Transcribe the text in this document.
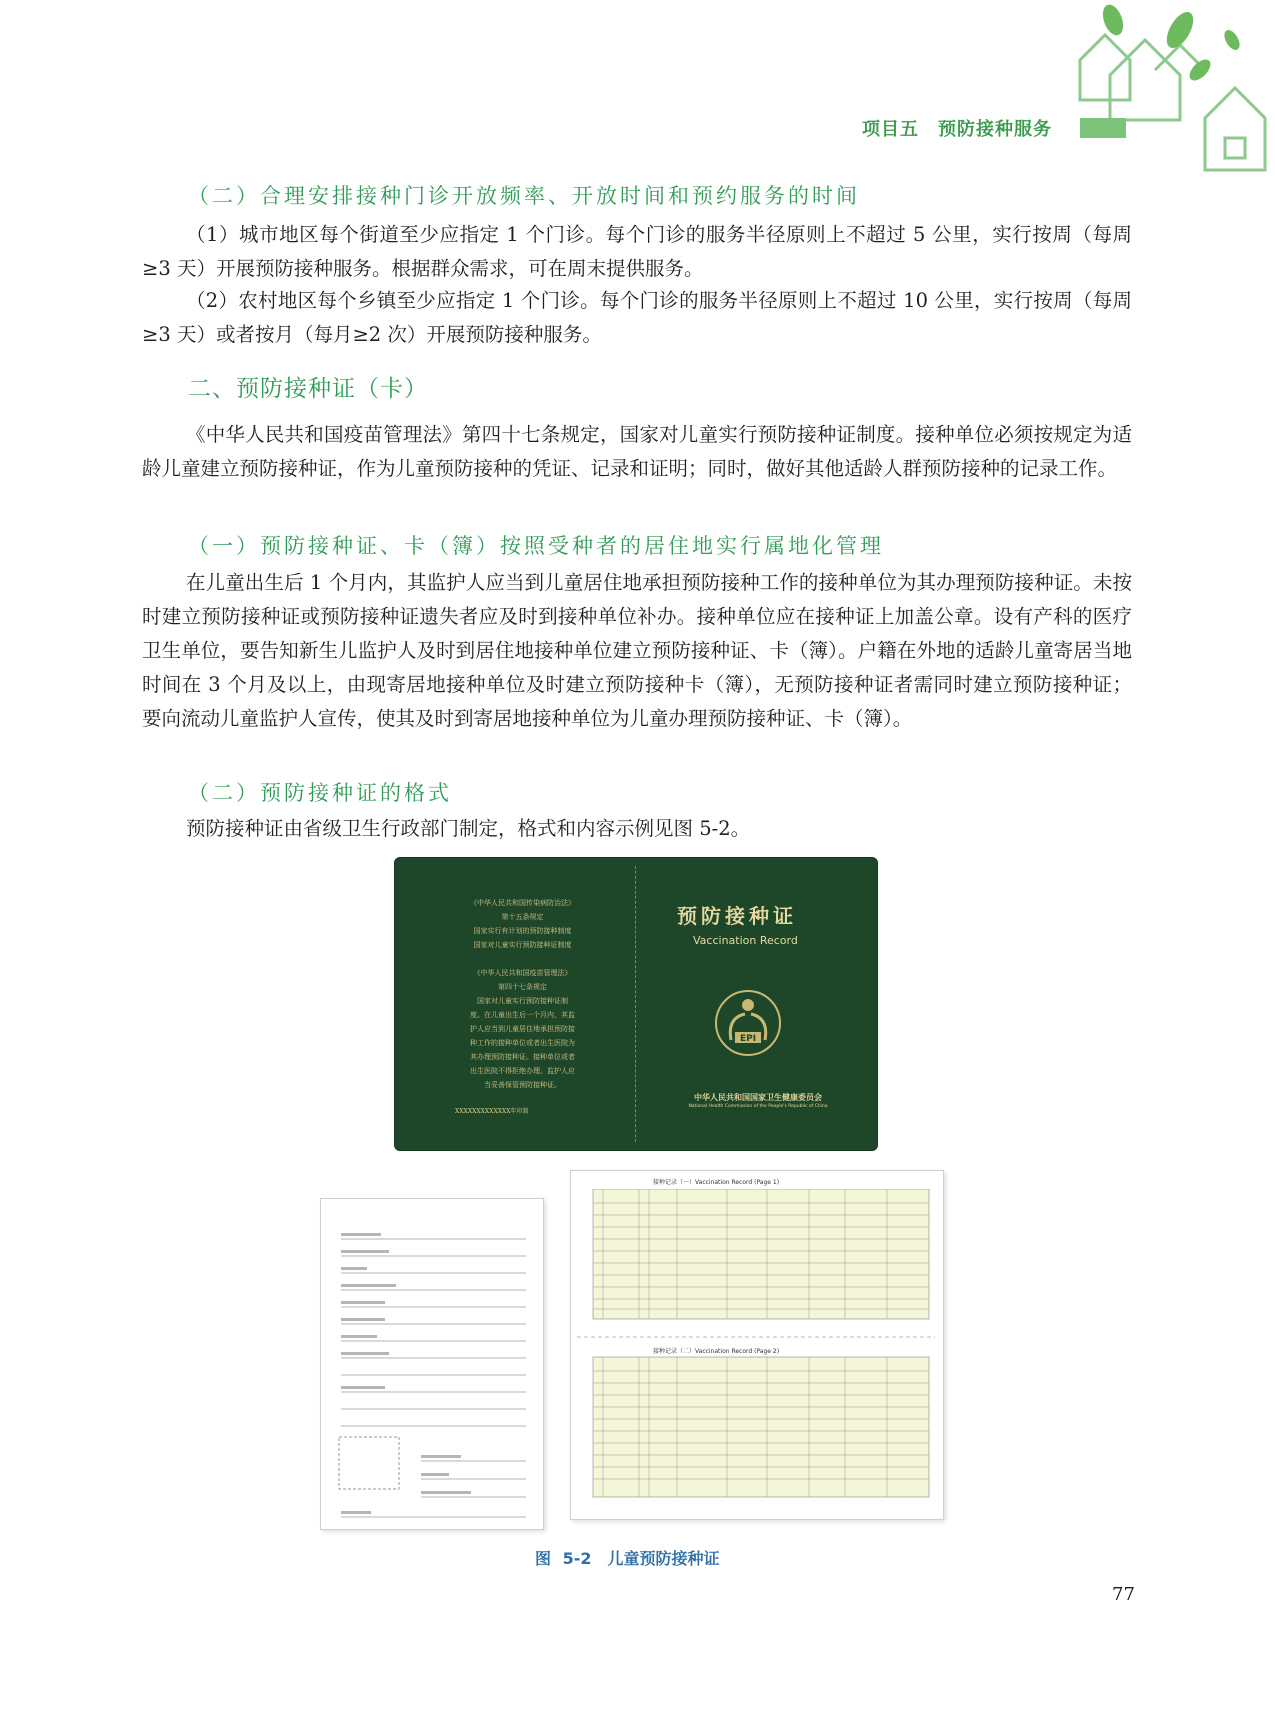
项目五　预防接种服务
（二）合理安排接种门诊开放频率、开放时间和预约服务的时间
（1）城市地区每个街道至少应指定 1 个门诊。每个门诊的服务半径原则上不超过 5 公里，实行按周（每周≥3 天）开展预防接种服务。根据群众需求，可在周末提供服务。
（2）农村地区每个乡镇至少应指定 1 个门诊。每个门诊的服务半径原则上不超过 10 公里，实行按周（每周≥3 天）或者按月（每月≥2 次）开展预防接种服务。
二、预防接种证（卡）
《中华人民共和国疫苗管理法》第四十七条规定，国家对儿童实行预防接种证制度。接种单位必须按规定为适龄儿童建立预防接种证，作为儿童预防接种的凭证、记录和证明；同时，做好其他适龄人群预防接种的记录工作。
（一）预防接种证、卡（簿）按照受种者的居住地实行属地化管理
在儿童出生后 1 个月内，其监护人应当到儿童居住地承担预防接种工作的接种单位为其办理预防接种证。未按时建立预防接种证或预防接种证遗失者应及时到接种单位补办。接种单位应在接种证上加盖公章。设有产科的医疗卫生单位，要告知新生儿监护人及时到居住地接种单位建立预防接种证、卡（簿）。户籍在外地的适龄儿童寄居当地时间在 3 个月及以上，由现寄居地接种单位及时建立预防接种卡（簿），无预防接种证者需同时建立预防接种证；要向流动儿童监护人宣传，使其及时到寄居地接种单位为儿童办理预防接种证、卡（簿）。
（二）预防接种证的格式
预防接种证由省级卫生行政部门制定，格式和内容示例见图 5-2。
《中华人民共和国传染病防治法》
第十五条规定
国家实行有计划的预防接种制度
国家对儿童实行预防接种证制度

《中华人民共和国疫苗管理法》
第四十七条规定
国家对儿童实行预防接种证制
度。在儿童出生后一个月内，其监
护人应当到儿童居住地承担预防接
种工作的接种单位或者出生医院为
其办理预防接种证。接种单位或者
出生医院不得拒绝办理。监护人应
当妥善保管预防接种证。
XXXXXXXXXXXXX年印制
预防接种证
Vaccination Record
EPI
中华人民共和国国家卫生健康委员会
National Health Commission of the People's Republic of China
接种记录（一）Vaccination Record (Page 1)
接种记录（二）Vaccination Record (Page 2)
图 5-2　儿童预防接种证
77
